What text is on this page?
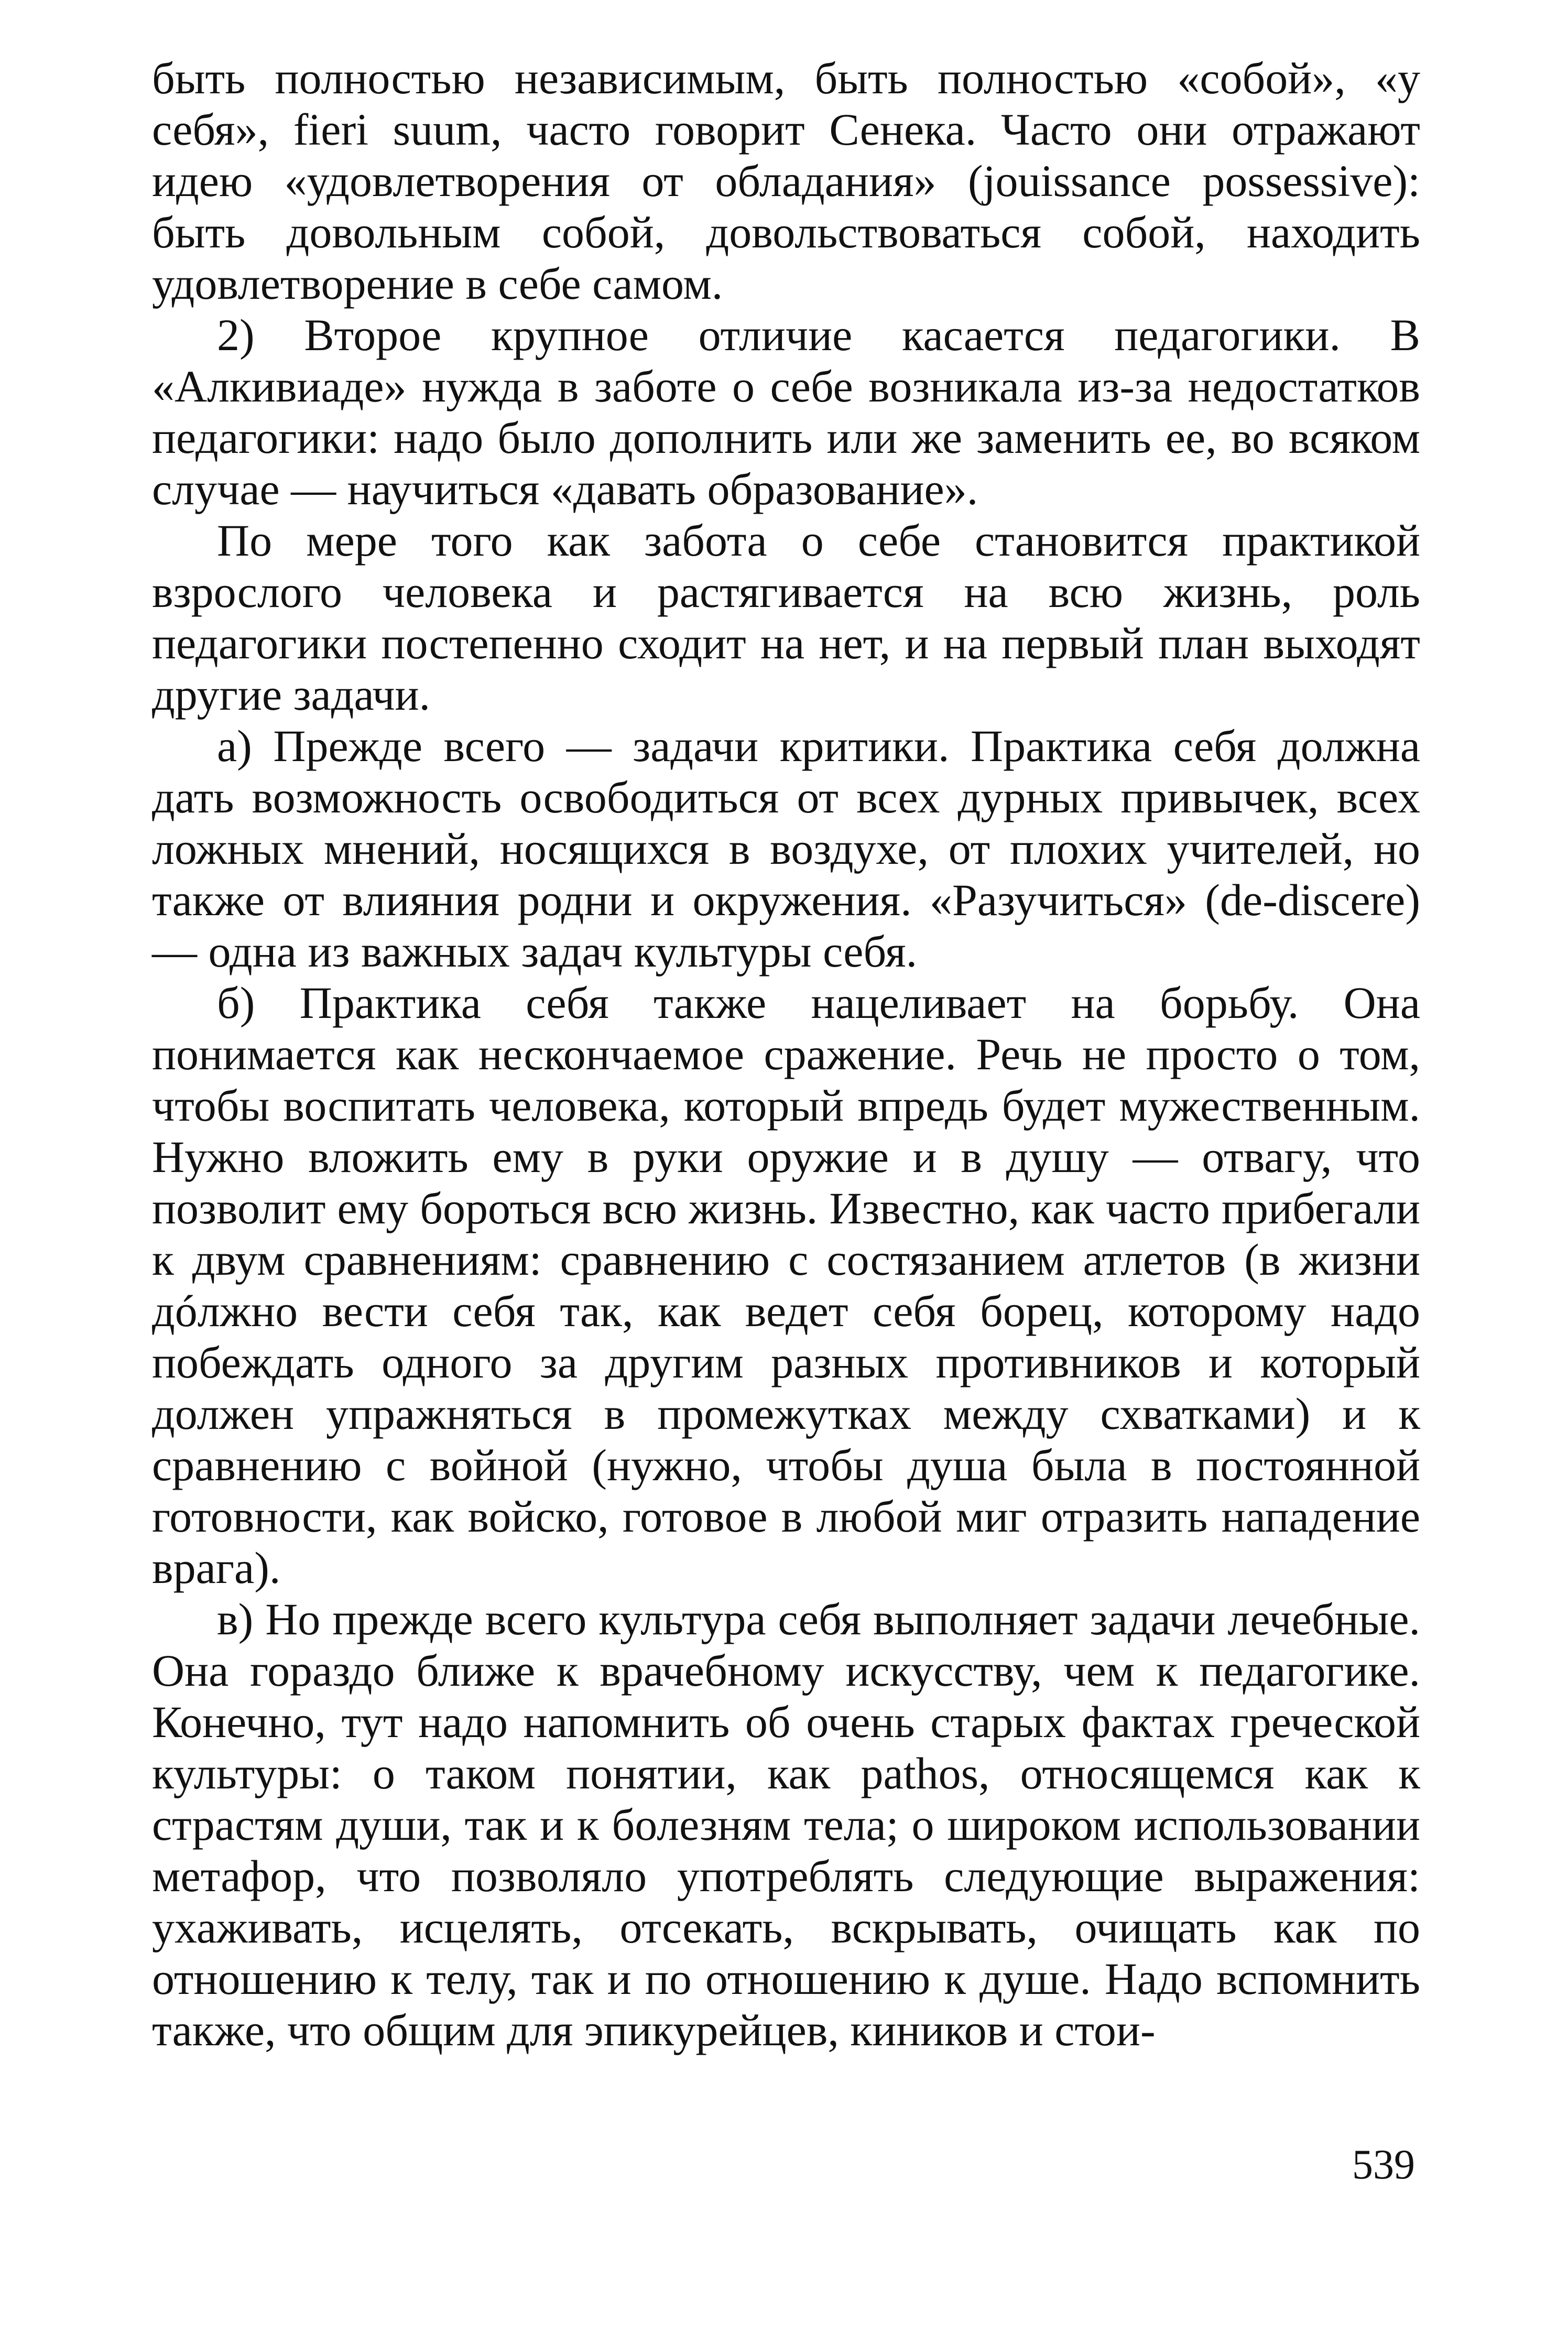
быть полностью независимым, быть полностью «собой», «у себя», fieri suum, часто говорит Сенека. Часто они отражают идею «удовлетворения от обладания» (jouissance possessive): быть довольным собой, довольствоваться собой, находить удовлетворение в себе самом.

2) Второе крупное отличие касается педагогики. В «Алкивиаде» нужда в заботе о себе возникала из-за недостатков педагогики: надо было дополнить или же заменить ее, во всяком случае — научиться «давать образование».

По мере того как забота о себе становится практикой взрослого человека и растягивается на всю жизнь, роль педагогики постепенно сходит на нет, и на первый план выходят другие задачи.

а) Прежде всего — задачи критики. Практика себя должна дать возможность освободиться от всех дурных привычек, всех ложных мнений, носящихся в воздухе, от плохих учителей, но также от влияния родни и окружения. «Разучиться» (de-discere) — одна из важных задач культуры себя.

б) Практика себя также нацеливает на борьбу. Она понимается как нескончаемое сражение. Речь не просто о том, чтобы воспитать человека, который впредь будет мужественным. Нужно вложить ему в руки оружие и в душу — отвагу, что позволит ему бороться всю жизнь. Известно, как часто прибегали к двум сравнениям: сравнению с состязанием атлетов (в жизни дóлжно вести себя так, как ведет себя борец, которому надо побеждать одного за другим разных противников и который должен упражняться в промежутках между схватками) и к сравнению с войной (нужно, чтобы душа была в постоянной готовности, как войско, готовое в любой миг отразить нападение врага).

в) Но прежде всего культура себя выполняет задачи лечебные. Она гораздо ближе к врачебному искусству, чем к педагогике. Конечно, тут надо напомнить об очень старых фактах греческой культуры: о таком понятии, как pathos, относящемся как к страстям души, так и к болезням тела; о широком использовании метафор, что позволяло употреблять следующие выражения: ухаживать, исцелять, отсекать, вскрывать, очищать как по отношению к телу, так и по отношению к душе. Надо вспомнить также, что общим для эпикурейцев, киников и стои-

539
